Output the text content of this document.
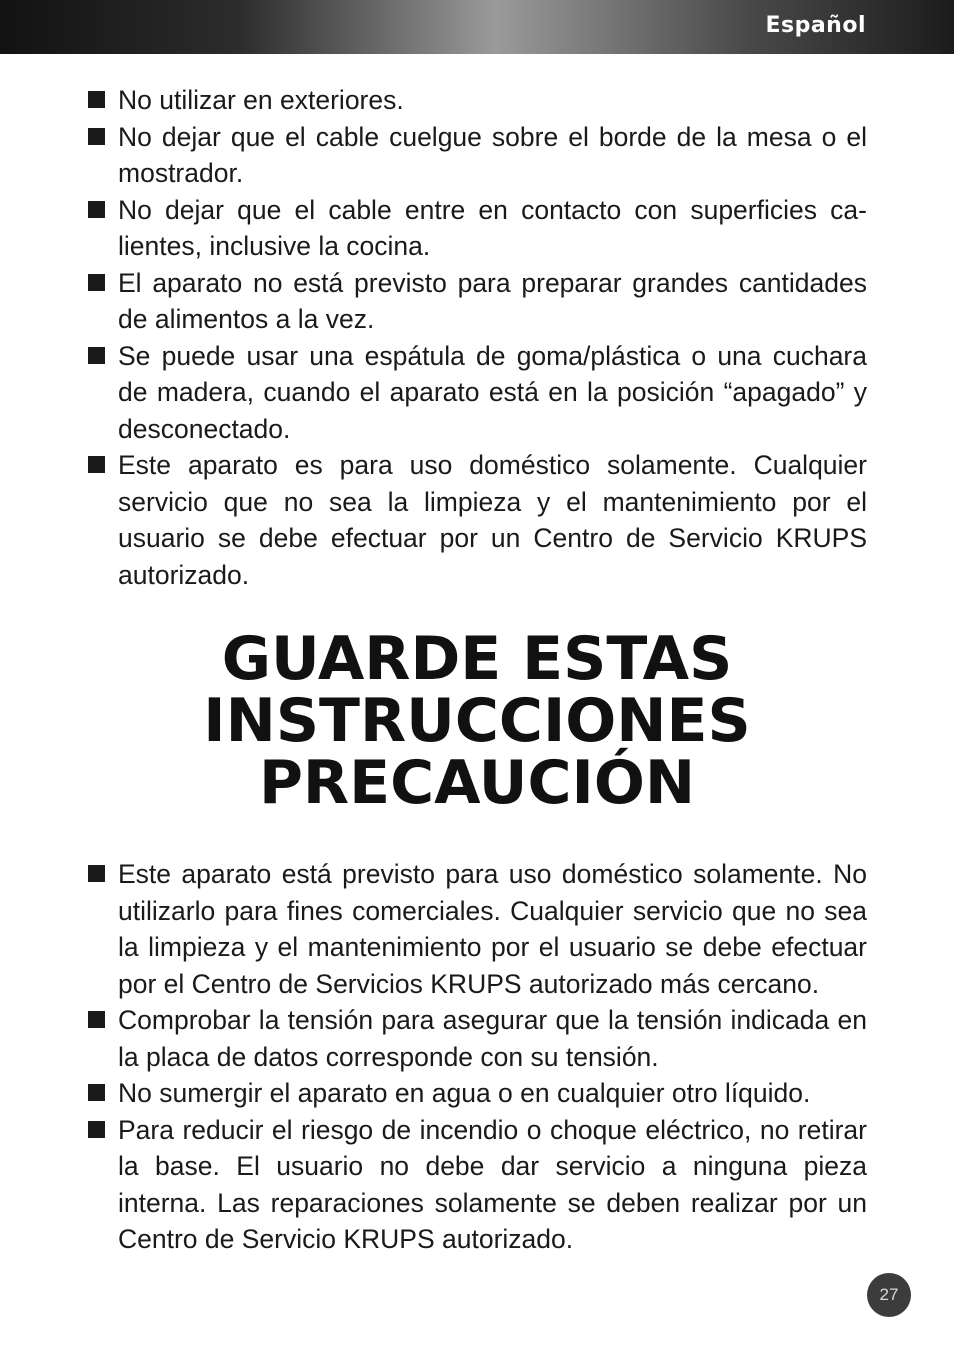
Español
No utilizar en exteriores.
No dejar que el cable cuelgue sobre el borde de la mesa o el mostrador.
No dejar que el cable entre en contacto con superficies ca- lientes, inclusive la cocina.
El aparato no está previsto para preparar grandes cantidades de alimentos a la vez.
Se puede usar una espátula de goma/plástica o una cuchara de madera, cuando el aparato está en la posición “apagado” y desconectado.
Este aparato es para uso doméstico solamente. Cualquier servicio que no sea la limpieza y el mantenimiento por el usuario se debe efectuar por un Centro de Servicio KRUPS autorizado.
GUARDE ESTAS
INSTRUCCIONES
PRECAUCIÓN
Este aparato está previsto para uso doméstico solamente. No utilizarlo para fines comerciales. Cualquier servicio que no sea la limpieza y el mantenimiento por el usuario se debe efectuar por el Centro de Servicios KRUPS autorizado más cercano.
Comprobar la tensión para asegurar que la tensión indicada en la placa de datos corresponde con su tensión.
No sumergir el aparato en agua o en cualquier otro líquido.
Para reducir el riesgo de incendio o choque eléctrico, no retirar la base. El usuario no debe dar servicio a ninguna pieza interna. Las reparaciones solamente se deben realizar por un Centro de Servicio KRUPS autorizado.
27
